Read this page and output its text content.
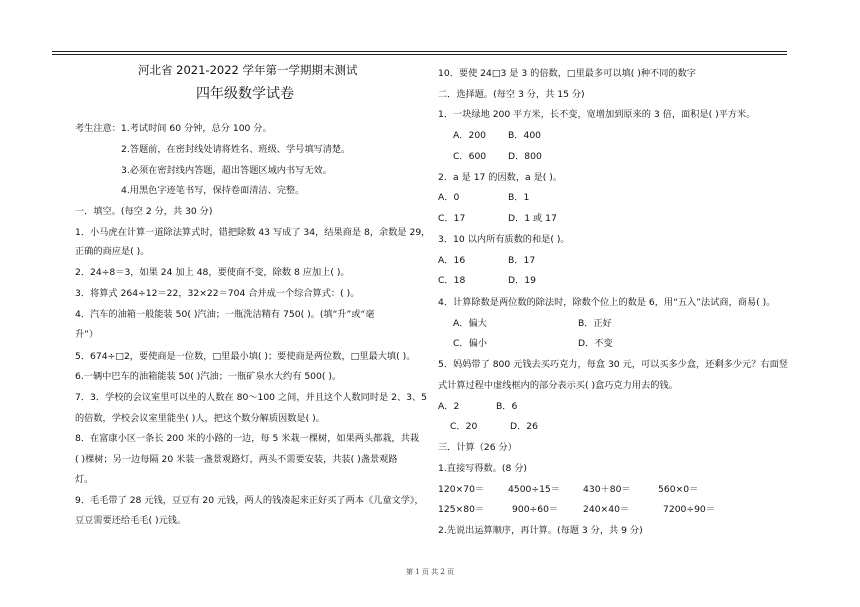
河北省 2021-2022 学年第一学期期末测试
四年级数学试卷
考生注意：1.考试时间 60 分钟，总分 100 分。
2.答题前，在密封线处请将姓名、班级、学号填写清楚。
3.必须在密封线内答题，超出答题区域内书写无效。
4.用黑色字迹笔书写，保持卷面清洁、完整。
一．填空。(每空 2 分，共 30 分)
1．小马虎在计算一道除法算式时，错把除数 43 写成了 34，结果商是 8，余数是 29，
正确的商应是( )。
2．24÷8＝3，如果 24 加上 48，要使商不变，除数 8 应加上( )。
3．将算式 264÷12＝22，32×22＝704 合并成一个综合算式：( )。
4．汽车的油箱一般能装 50( )汽油；一瓶洗洁精有 750( )。(填“升”或“毫
升”）
5．674÷□2，要使商是一位数，□里最小填( )；要使商是两位数，□里最大填( )。
6.一辆中巴车的油箱能装 50( )汽油；一瓶矿泉水大约有 500( )。
7．3．学校的会议室里可以坐的人数在 80～100 之间，并且这个人数同时是 2、3、5
的倍数，学校会议室里能坐( )人，把这个数分解质因数是( )。
8．在富康小区一条长 200 米的小路的一边，每 5 米栽一棵树，如果两头都栽，共栽
( )棵树；另一边每隔 20 米装一盏景观路灯，两头不需要安装，共装( )盏景观路
灯。
9．毛毛带了 28 元钱，豆豆有 20 元钱，两人的钱凑起来正好买了两本《儿童文学》，
豆豆需要还给毛毛( )元钱。
10．要使 24□3 是 3 的倍数，□里最多可以填( )种不同的数字
二．选择题。(每空 3 分，共 15 分)
1．一块绿地 200 平方米，长不变，宽增加到原来的 3 倍，面积是( )平方米。
A．200 B．400
C．600 D．800
2．a 是 17 的因数，a 是( )。
A．0	B．1
C．17	D．1 或 17
3．10 以内所有质数的和是( )。
A．16	B．17
C．18	D．19
4．计算除数是两位数的除法时，除数个位上的数是 6，用“五入”法试商，商易( )。
A．偏大	B．正好
C．偏小	D．不变
5．妈妈带了 800 元钱去买巧克力，每盒 30 元，可以买多少盒，还剩多少元？右面竖
式计算过程中虚线框内的部分表示买( )盒巧克力用去的钱。
A．2	B．6
C．20	D．26
三．计算（26 分）
1.直接写得数。(8 分)
120×70＝	4500÷15＝	430＋80＝	560×0＝
125×80＝	900÷60＝	240×40＝	7200÷90＝
2.先说出运算顺序，再计算。(每题 3 分，共 9 分)
第 1 页 共 2 页
